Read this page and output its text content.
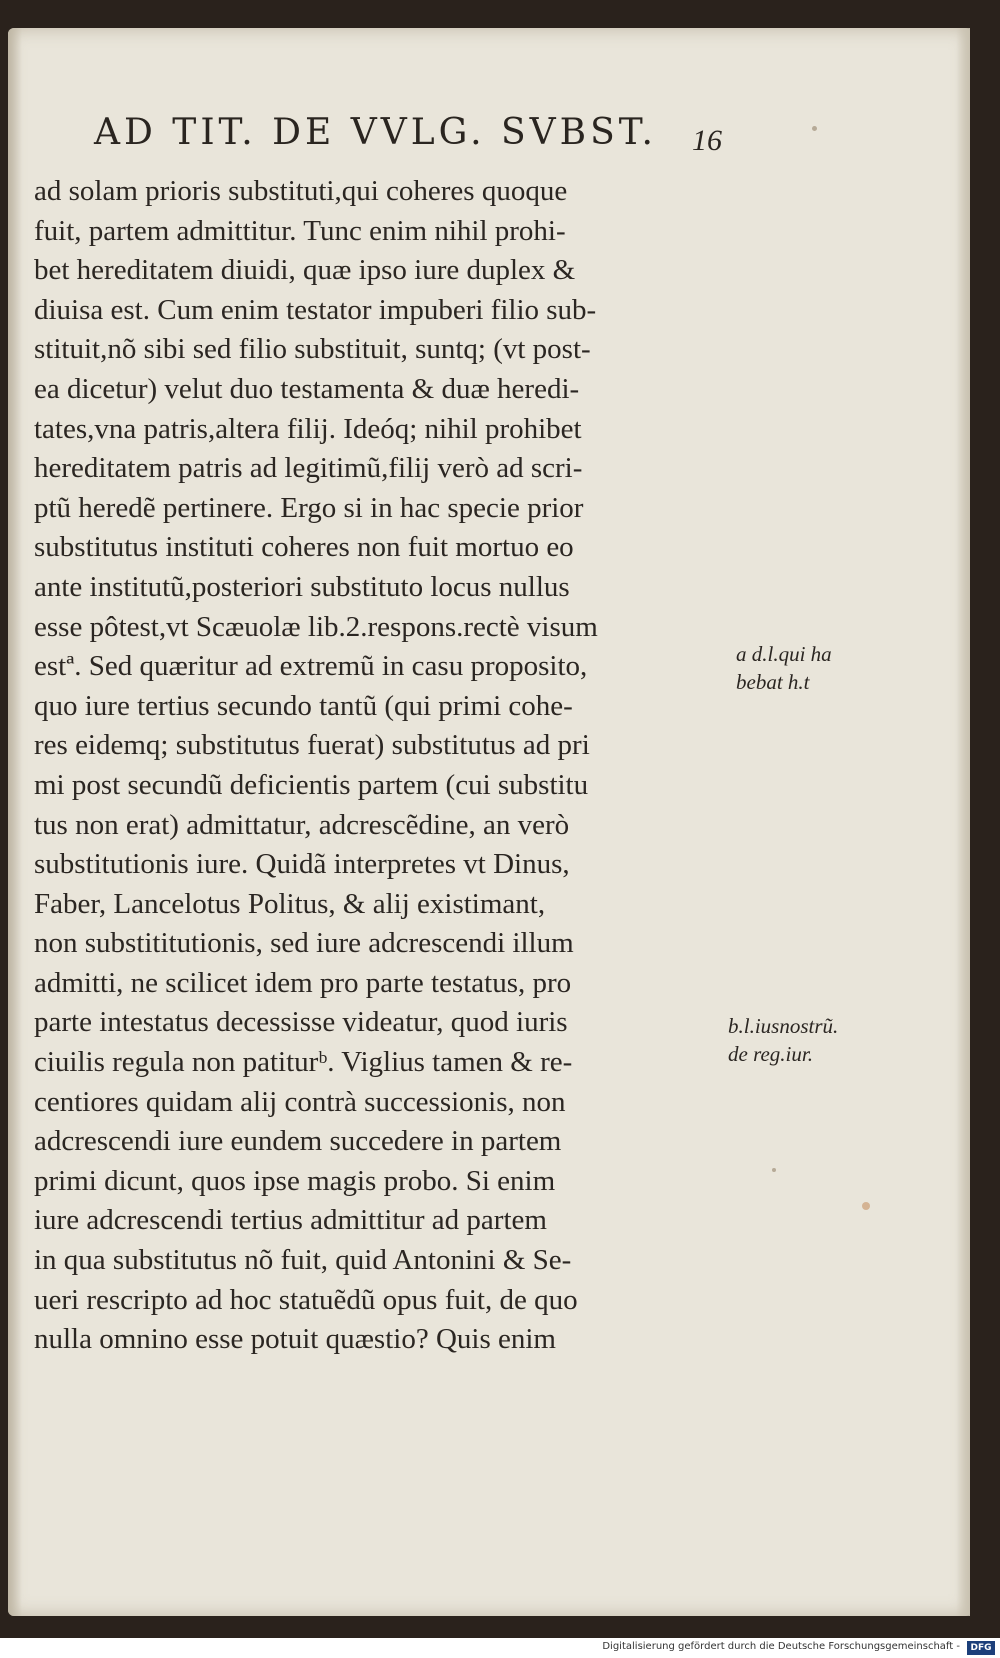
AD TIT. DE VVLG. SVBST.	16
ad solam prioris substituti,qui coheres quoque
fuit, partem admittitur. Tunc enim nihil prohi-
bet hereditatem diuidi, quæ ipso iure duplex &
diuisa est. Cum enim testator impuberi filio sub-
stituit,nõ sibi sed filio substituit, suntq; (vt post-
ea dicetur) velut duo testamenta & duæ heredi-
tates,vna patris,altera filij. Ideóq; nihil prohibet
hereditatem patris ad legitimũ,filij verò ad scri-
ptũ heredẽ pertinere. Ergo si in hac specie prior
substitutus instituti coheres non fuit mortuo eo
ante institutũ,posteriori substituto locus nullus
esse pôtest,vt Scæuolæ lib.2.respons.rectè visum
estª. Sed quæritur ad extremũ in casu proposito,
quo iure tertius secundo tantũ (qui primi cohe-
res eidemq; substitutus fuerat) substitutus ad pri
mi post secundũ deficientis partem (cui substitu
tus non erat) admittatur, adcrescẽdine, an verò
substitutionis iure. Quidã interpretes vt Dinus,
Faber, Lancelotus Politus, & alij existimant,
non substititutionis, sed iure adcrescendi illum
admitti, ne scilicet idem pro parte testatus, pro
parte intestatus decessisse videatur, quod iuris
ciuilis regula non patiturᵇ. Viglius tamen & re-
centiores quidam alij contrà successionis, non
adcrescendi iure eundem succedere in partem
primi dicunt, quos ipse magis probo. Si enim
iure adcrescendi tertius admittitur ad partem
in qua substitutus nõ fuit, quid Antonini & Se-
ueri rescripto ad hoc statuẽdũ opus fuit, de quo
nulla omnino esse potuit quæstio? Quis enim
a d.l.qui ha
bebat h.t
b.l.iusnostrũ.
de reg.iur.
Digitalisierung gefördert durch die Deutsche Forschungsgemeinschaft -	DFG
